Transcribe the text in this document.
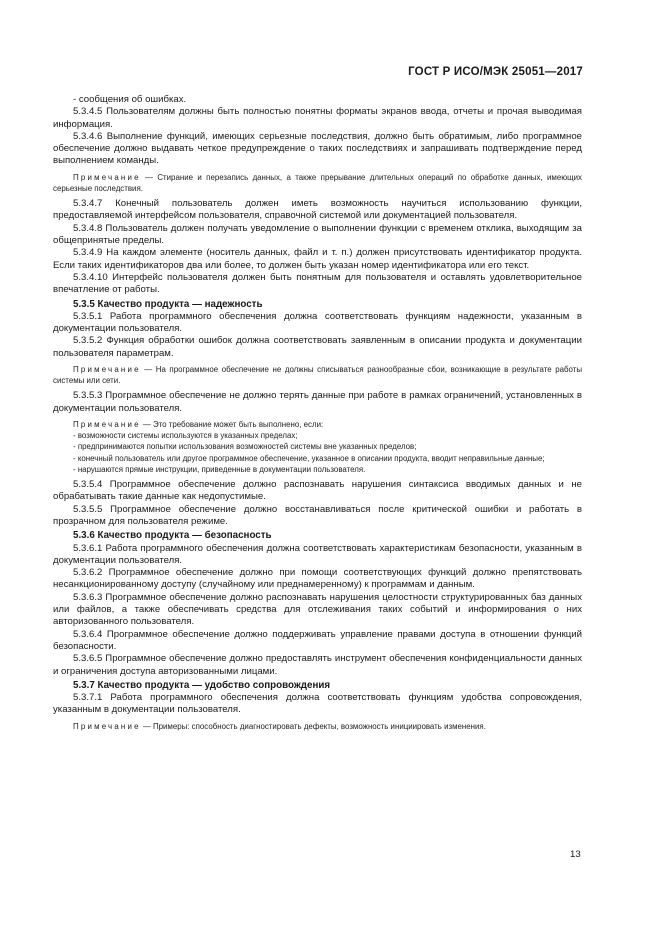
ГОСТ Р ИСО/МЭК 25051—2017

- сообщения об ошибках.

5.3.4.5 Пользователям должны быть полностью понятны форматы экранов ввода, отчеты и прочая выводимая информация.

5.3.4.6 Выполнение функций, имеющих серьезные последствия, должно быть обратимым, либо программное обеспечение должно выдавать четкое предупреждение о таких последствиях и запрашивать подтверждение перед выполнением команды.

Примечание — Стирание и перезапись данных, а также прерывание длительных операций по обработке данных, имеющих серьезные последствия.

5.3.4.7 Конечный пользователь должен иметь возможность научиться использованию функции, предоставляемой интерфейсом пользователя, справочной системой или документацией пользователя.

5.3.4.8 Пользователь должен получать уведомление о выполнении функции с временем отклика, выходящим за общепринятые пределы.

5.3.4.9 На каждом элементе (носитель данных, файл и т. п.) должен присутствовать идентификатор продукта. Если таких идентификаторов два или более, то должен быть указан номер идентификатора или его текст.

5.3.4.10 Интерфейс пользователя должен быть понятным для пользователя и оставлять удовлетворительное впечатление от работы.

5.3.5 Качество продукта — надежность

5.3.5.1 Работа программного обеспечения должна соответствовать функциям надежности, указанным в документации пользователя.

5.3.5.2 Функция обработки ошибок должна соответствовать заявленным в описании продукта и документации пользователя параметрам.

Примечание — На программное обеспечение не должны списываться разнообразные сбои, возникающие в результате работы системы или сети.

5.3.5.3 Программное обеспечение не должно терять данные при работе в рамках ограничений, установленных в документации пользователя.

Примечание — Это требование может быть выполнено, если:

- возможности системы используются в указанных пределах;

- предпринимаются попытки использования возможностей системы вне указанных пределов;

- конечный пользователь или другое программное обеспечение, указанное в описании продукта, вводит неправильные данные;

- нарушаются прямые инструкции, приведенные в документации пользователя.

5.3.5.4 Программное обеспечение должно распознавать нарушения синтаксиса вводимых данных и не обрабатывать такие данные как недопустимые.

5.3.5.5 Программное обеспечение должно восстанавливаться после критической ошибки и работать в прозрачном для пользователя режиме.

5.3.6 Качество продукта — безопасность

5.3.6.1 Работа программного обеспечения должна соответствовать характеристикам безопасности, указанным в документации пользователя.

5.3.6.2 Программное обеспечение должно при помощи соответствующих функций должно препятствовать несанкционированному доступу (случайному или преднамеренному) к программам и данным.

5.3.6.3 Программное обеспечение должно распознавать нарушения целостности структурированных баз данных или файлов, а также обеспечивать средства для отслеживания таких событий и информирования о них авторизованного пользователя.

5.3.6.4 Программное обеспечение должно поддерживать управление правами доступа в отношении функций безопасности.

5.3.6.5 Программное обеспечение должно предоставлять инструмент обеспечения конфиденциальности данных и ограничения доступа авторизованными лицами.

5.3.7 Качество продукта — удобство сопровождения

5.3.7.1 Работа программного обеспечения должна соответствовать функциям удобства сопровождения, указанным в документации пользователя.

Примечание — Примеры: способность диагностировать дефекты, возможность инициировать изменения.

13
